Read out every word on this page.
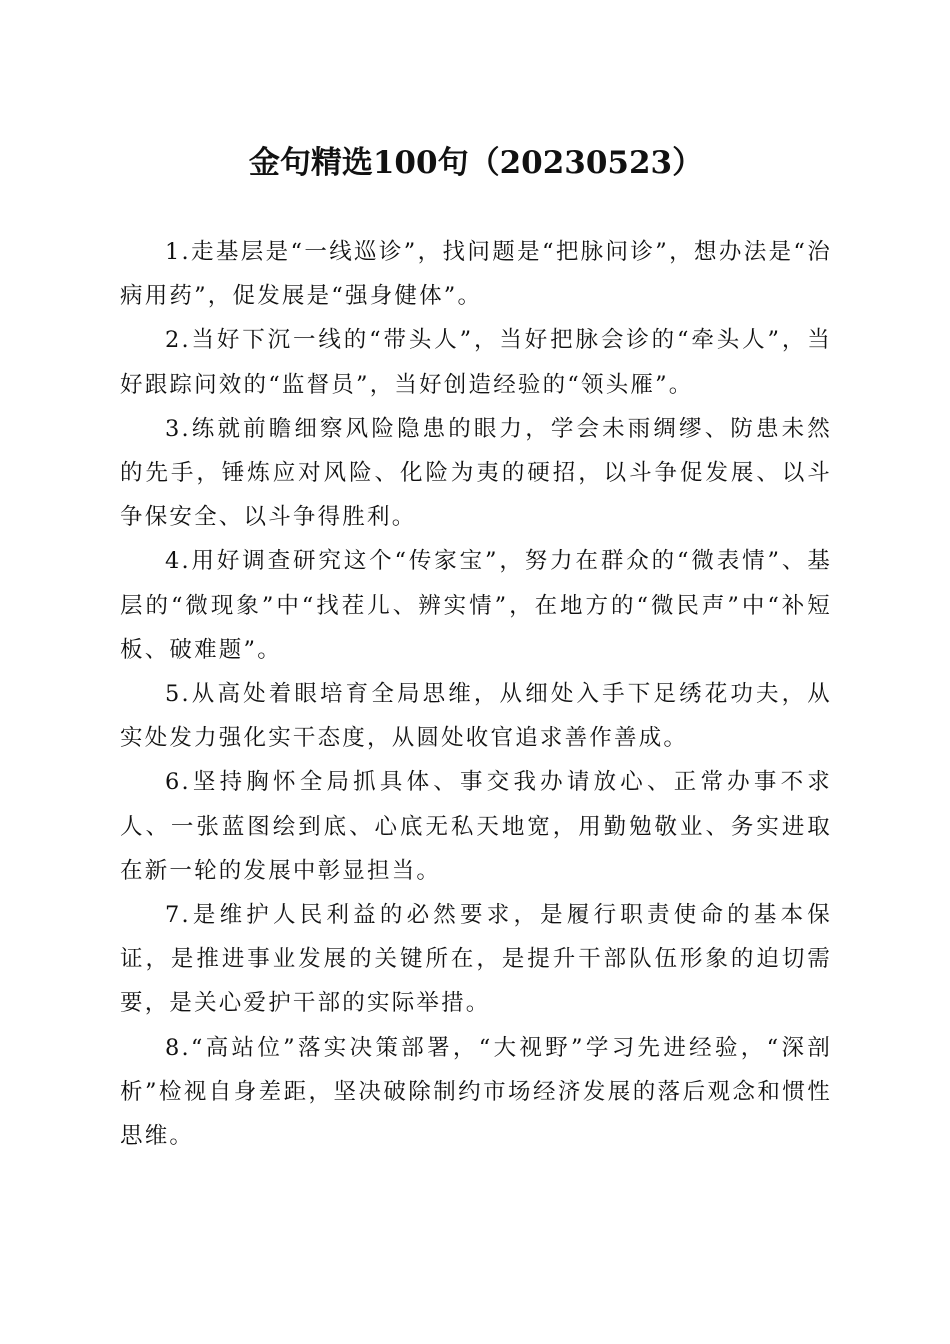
金句精选100句（20230523）

1.走基层是“一线巡诊”，找问题是“把脉问诊”，想办法是“治病用药”，促发展是“强身健体”。

2.当好下沉一线的“带头人”，当好把脉会诊的“牵头人”，当好跟踪问效的“监督员”，当好创造经验的“领头雁”。

3.练就前瞻细察风险隐患的眼力，学会未雨绸缪、防患未然的先手，锤炼应对风险、化险为夷的硬招，以斗争促发展、以斗争保安全、以斗争得胜利。

4.用好调查研究这个“传家宝”，努力在群众的“微表情”、基层的“微现象”中“找茬儿、辨实情”，在地方的“微民声”中“补短板、破难题”。

5.从高处着眼培育全局思维，从细处入手下足绣花功夫，从实处发力强化实干态度，从圆处收官追求善作善成。

6.坚持胸怀全局抓具体、事交我办请放心、正常办事不求人、一张蓝图绘到底、心底无私天地宽，用勤勉敬业、务实进取在新一轮的发展中彰显担当。

7.是维护人民利益的必然要求，是履行职责使命的基本保证，是推进事业发展的关键所在，是提升干部队伍形象的迫切需要，是关心爱护干部的实际举措。

8.“高站位”落实决策部署，“大视野”学习先进经验，“深剖析”检视自身差距，坚决破除制约市场经济发展的落后观念和惯性思维。
